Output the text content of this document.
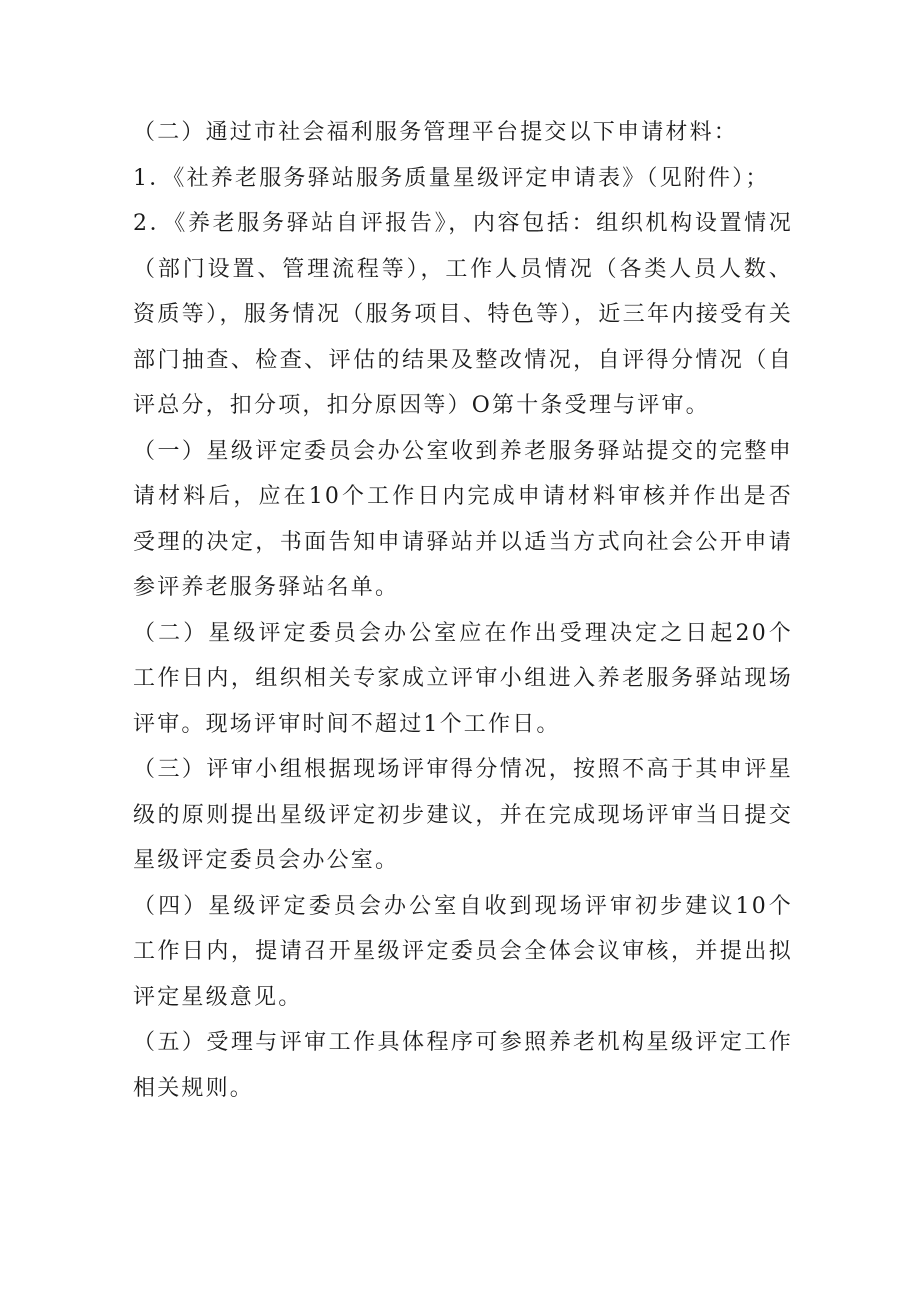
（二）通过市社会福利服务管理平台提交以下申请材料：

1．《社养老服务驿站服务质量星级评定申请表》（见附件）；

2．《养老服务驿站自评报告》，内容包括：组织机构设置情况（部门设置、管理流程等），工作人员情况（各类人员人数、资质等），服务情况（服务项目、特色等），近三年内接受有关部门抽查、检查、评估的结果及整改情况，自评得分情况（自评总分，扣分项，扣分原因等）O第十条受理与评审。

（一）星级评定委员会办公室收到养老服务驿站提交的完整申请材料后，应在10个工作日内完成申请材料审核并作出是否受理的决定，书面告知申请驿站并以适当方式向社会公开申请参评养老服务驿站名单。

（二）星级评定委员会办公室应在作出受理决定之日起20个工作日内，组织相关专家成立评审小组进入养老服务驿站现场评审。现场评审时间不超过1个工作日。

（三）评审小组根据现场评审得分情况，按照不高于其申评星级的原则提出星级评定初步建议，并在完成现场评审当日提交星级评定委员会办公室。

（四）星级评定委员会办公室自收到现场评审初步建议10个工作日内，提请召开星级评定委员会全体会议审核，并提出拟评定星级意见。

（五）受理与评审工作具体程序可参照养老机构星级评定工作相关规则。
